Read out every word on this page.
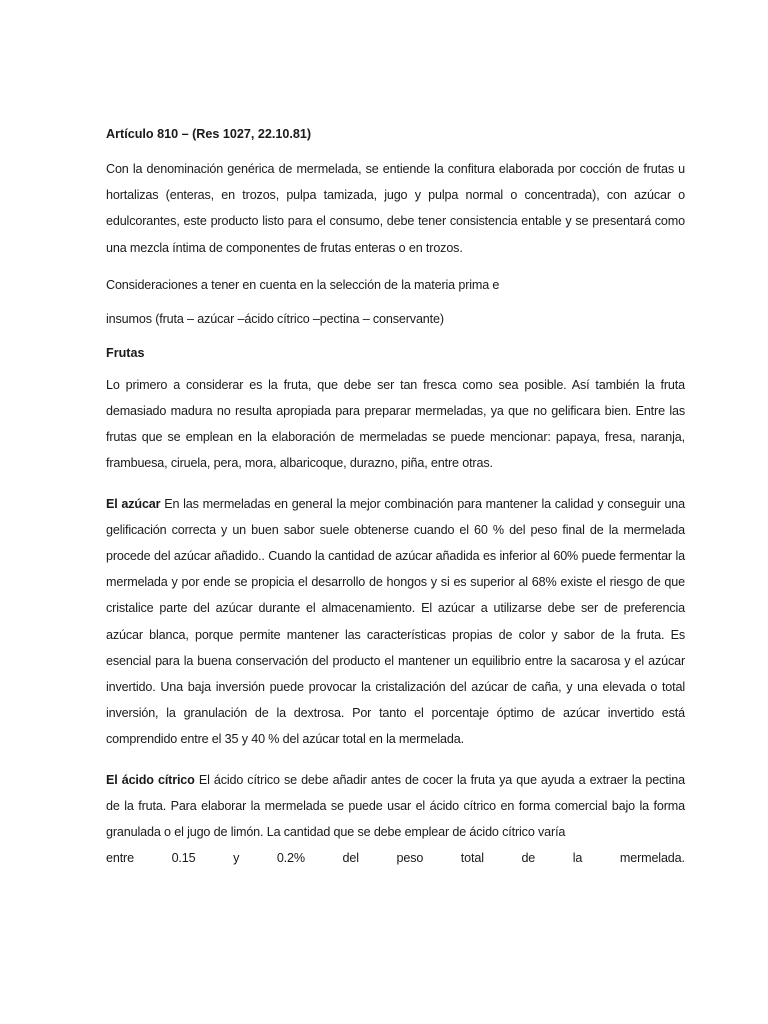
Artículo 810 – (Res 1027, 22.10.81)

Con la denominación genérica de mermelada, se entiende la confitura elaborada por cocción de frutas u hortalizas (enteras, en trozos, pulpa tamizada, jugo y pulpa normal o concentrada), con azúcar o edulcorantes, este producto listo para el consumo, debe tener consistencia entable y se presentará como una mezcla íntima de componentes de frutas enteras o en trozos.

Consideraciones a tener en cuenta en la selección de la materia prima e

insumos (fruta – azúcar –ácido cítrico –pectina – conservante)

Frutas

Lo primero a considerar es la fruta, que debe ser tan fresca como sea posible. Así también la fruta demasiado madura no resulta apropiada para preparar mermeladas, ya que no gelificara bien. Entre las frutas que se emplean en la elaboración de mermeladas se puede mencionar: papaya, fresa, naranja, frambuesa, ciruela, pera, mora, albaricoque, durazno, piña, entre otras.

El azúcar En las mermeladas en general la mejor combinación para mantener la calidad y conseguir una gelificación correcta y un buen sabor suele obtenerse cuando el 60 % del peso final de la mermelada procede del azúcar añadido.. Cuando la cantidad de azúcar añadida es inferior al 60% puede fermentar la mermelada y por ende se propicia el desarrollo de hongos y si es superior al 68% existe el riesgo de que cristalice parte del azúcar durante el almacenamiento. El azúcar a utilizarse debe ser de preferencia azúcar blanca, porque permite mantener las características propias de color y sabor de la fruta. Es esencial para la buena conservación del producto el mantener un equilibrio entre la sacarosa y el azúcar invertido. Una baja inversión puede provocar la cristalización del azúcar de caña, y una elevada o total inversión, la granulación de la dextrosa. Por tanto el porcentaje óptimo de azúcar invertido está comprendido entre el 35 y 40 % del azúcar total en la mermelada.

El ácido cítrico El ácido cítrico se debe añadir antes de cocer la fruta ya que ayuda a extraer la pectina de la fruta. Para elaborar la mermelada se puede usar el ácido cítrico en forma comercial bajo la forma granulada o el jugo de limón. La cantidad que se debe emplear de ácido cítrico varía

entre	0.15	y	0.2%	del	peso	total	de	la	mermelada.
